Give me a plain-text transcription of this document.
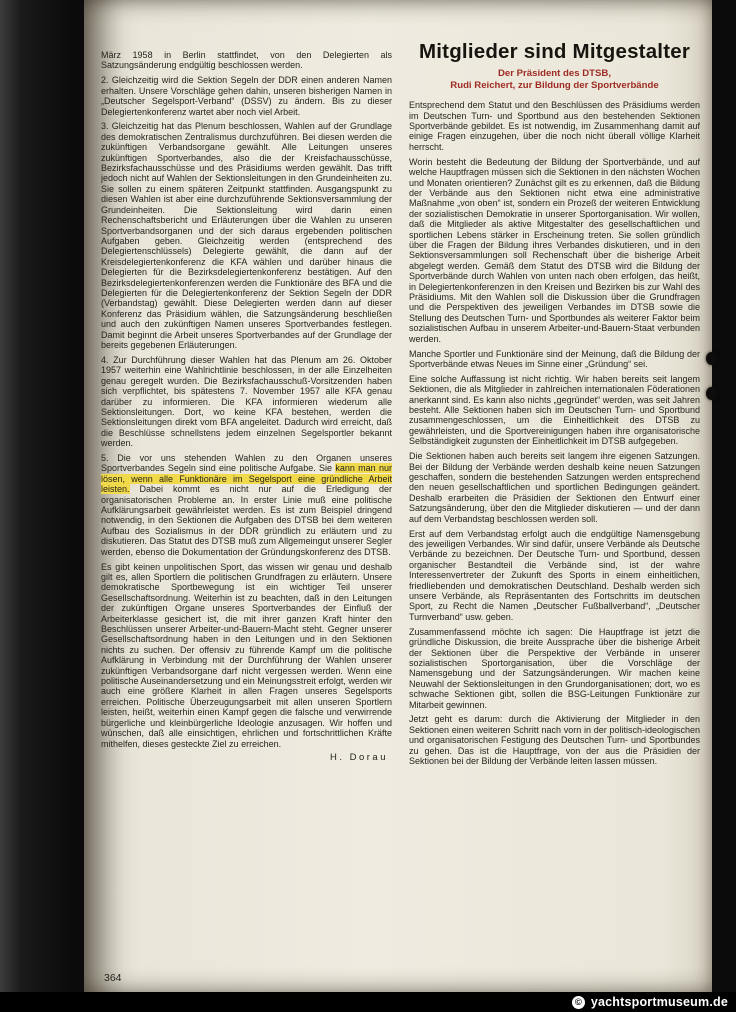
März 1958 in Berlin stattfindet, von den Delegierten als Satzungsänderung endgültig beschlossen werden.

2. Gleichzeitig wird die Sektion Segeln der DDR einen anderen Namen erhalten. Unsere Vorschläge gehen dahin, unseren bisherigen Namen in „Deutscher Segelsport-Verband“ (DSSV) zu ändern. Bis zu dieser Delegiertenkonferenz wartet aber noch viel Arbeit.

3. Gleichzeitig hat das Plenum beschlossen, Wahlen auf der Grundlage des demokratischen Zentralismus durchzuführen. Bei diesen werden die zukünftigen Verbandsorgane gewählt. Alle Leitungen unseres zukünftigen Sportverbandes, also die der Kreisfachausschüsse, Bezirksfachausschüsse und des Präsidiums werden gewählt. Das trifft jedoch nicht auf Wahlen der Sektionsleitungen in den Grundeinheiten zu. Sie sollen zu einem späteren Zeitpunkt stattfinden. Ausgangspunkt zu diesen Wahlen ist aber eine durchzuführende Sektionsversammlung der Grundeinheiten. Die Sektionsleitung wird darin einen Rechenschaftsbericht und Erläuterungen über die Wahlen zu unseren Sportverbandsorganen und der sich daraus ergebenden politischen Aufgaben geben. Gleichzeitig werden (entsprechend des Delegiertenschlüssels) Delegierte gewählt, die dann auf der Kreisdelegiertenkonferenz die KFA wählen und darüber hinaus die Delegierten für die Bezirksdelegiertenkonferenz bestätigen. Auf den Bezirksdelegiertenkonferenzen werden die Funktionäre des BFA und die Delegierten für die Delegiertenkonferenz der Sektion Segeln der DDR (Verbandstag) gewählt. Diese Delegierten werden dann auf dieser Konferenz das Präsidium wählen, die Satzungsänderung beschließen und auch den zukünftigen Namen unseres Sportverbandes festlegen. Damit beginnt die Arbeit unseres Sportverbandes auf der Grundlage der bereits gegebenen Erläuterungen.

4. Zur Durchführung dieser Wahlen hat das Plenum am 26. Oktober 1957 weiterhin eine Wahlrichtlinie beschlossen, in der alle Einzelheiten genau geregelt wurden. Die Bezirksfachausschuß-Vorsitzenden haben sich verpflichtet, bis spätestens 7. November 1957 alle KFA genau darüber zu informieren. Die KFA informieren wiederum alle Sektionsleitungen. Dort, wo keine KFA bestehen, werden die Sektionsleitungen direkt vom BFA angeleitet. Dadurch wird erreicht, daß die Beschlüsse schnellstens jedem einzelnen Segelsportler bekannt werden.

5. Die vor uns stehenden Wahlen zu den Organen unseres Sportverbandes Segeln sind eine politische Aufgabe. Sie kann man nur lösen, wenn alle Funktionäre im Segelsport eine gründliche Arbeit leisten. Dabei kommt es nicht nur auf die Erledigung der organisatorischen Probleme an. In erster Linie muß eine politische Aufklärungsarbeit gewährleistet werden. Es ist zum Beispiel dringend notwendig, in den Sektionen die Aufgaben des DTSB bei dem weiteren Aufbau des Sozialismus in der DDR gründlich zu erläutern und zu diskutieren. Das Statut des DTSB muß zum Allgemeingut unserer Segler werden, ebenso die Dokumentation der Gründungskonferenz des DTSB.

Es gibt keinen unpolitischen Sport, das wissen wir genau und deshalb gilt es, allen Sportlern die politischen Grundfragen zu erläutern. Unsere demokratische Sportbewegung ist ein wichtiger Teil unserer Gesellschaftsordnung. Weiterhin ist zu beachten, daß in den Leitungen der zukünftigen Organe unseres Sportverbandes der Einfluß der Arbeiterklasse gesichert ist, die mit ihrer ganzen Kraft hinter den Beschlüssen unserer Arbeiter-und-Bauern-Macht steht. Gegner unserer Gesellschaftsordnung haben in den Leitungen und in den Sektionen nichts zu suchen. Der offensiv zu führende Kampf um die politische Aufklärung in Verbindung mit der Durchführung der Wahlen unserer zukünftigen Verbandsorgane darf nicht vergessen werden. Wenn eine politische Auseinandersetzung und ein Meinungsstreit erfolgt, werden wir auch eine größere Klarheit in allen Fragen unseres Segelsports erreichen. Politische Überzeugungsarbeit mit allen unseren Sportlern leisten, heißt, weiterhin einen Kampf gegen die falsche und verwirrende bürgerliche und kleinbürgerliche Ideologie anzusagen. Wir hoffen und wünschen, daß alle einsichtigen, ehrlichen und fortschrittlichen Kräfte mithelfen, dieses gesteckte Ziel zu erreichen.

H. Dorau
Mitglieder sind Mitgestalter
Der Präsident des DTSB,
Rudi Reichert, zur Bildung der Sportverbände

Entsprechend dem Statut und den Beschlüssen des Präsidiums werden im Deutschen Turn- und Sportbund aus den bestehenden Sektionen Sportverbände gebildet. Es ist notwendig, im Zusammenhang damit auf einige Fragen einzugehen, über die noch nicht überall völlige Klarheit herrscht.

Worin besteht die Bedeutung der Bildung der Sportverbände, und auf welche Hauptfragen müssen sich die Sektionen in den nächsten Wochen und Monaten orientieren? Zunächst gilt es zu erkennen, daß die Bildung der Verbände aus den Sektionen nicht etwa eine administrative Maßnahme „von oben“ ist, sondern ein Prozeß der weiteren Entwicklung der sozialistischen Demokratie in unserer Sportorganisation. Wir wollen, daß die Mitglieder als aktive Mitgestalter des gesellschaftlichen und sportlichen Lebens stärker in Erscheinung treten. Sie sollen gründlich über die Fragen der Bildung ihres Verbandes diskutieren, und in den Sektionsversammlungen soll Rechenschaft über die bisherige Arbeit abgelegt werden. Gemäß dem Statut des DTSB wird die Bildung der Sportverbände durch Wahlen von unten nach oben erfolgen, das heißt, in Delegiertenkonferenzen in den Kreisen und Bezirken bis zur Wahl des Präsidiums. Mit den Wahlen soll die Diskussion über die Grundfragen und die Perspektiven des jeweiligen Verbandes im DTSB sowie die Stellung des Deutschen Turn- und Sportbundes als weiterer Faktor beim sozialistischen Aufbau in unserem Arbeiter-und-Bauern-Staat verbunden werden.

Manche Sportler und Funktionäre sind der Meinung, daß die Bildung der Sportverbände etwas Neues im Sinne einer „Gründung“ sei.

Eine solche Auffassung ist nicht richtig. Wir haben bereits seit langem Sektionen, die als Mitglieder in zahlreichen internationalen Föderationen anerkannt sind. Es kann also nichts „gegründet“ werden, was seit Jahren besteht. Alle Sektionen haben sich im Deutschen Turn- und Sportbund zusammengeschlossen, um die Einheitlichkeit des DTSB zu gewährleisten, und die Sportvereinigungen haben ihre organisatorische Selbständigkeit zugunsten der Einheitlichkeit im DTSB aufgegeben.

Die Sektionen haben auch bereits seit langem ihre eigenen Satzungen. Bei der Bildung der Verbände werden deshalb keine neuen Satzungen geschaffen, sondern die bestehenden Satzungen werden entsprechend den neuen gesellschaftlichen und sportlichen Bedingungen geändert. Deshalb erarbeiten die Präsidien der Sektionen den Entwurf einer Satzungsänderung, über den die Mitglieder diskutieren — und der dann auf dem Verbandstag beschlossen werden soll.

Erst auf dem Verbandstag erfolgt auch die endgültige Namensgebung des jeweiligen Verbandes. Wir sind dafür, unsere Verbände als Deutsche Verbände zu bezeichnen. Der Deutsche Turn- und Sportbund, dessen organischer Bestandteil die Verbände sind, ist der wahre Interessenvertreter der Zukunft des Sports in einem einheitlichen, friedliebenden und demokratischen Deutschland. Deshalb werden sich unsere Verbände, als Repräsentanten des Fortschritts im deutschen Sport, zu Recht die Namen „Deutscher Fußballverband“, „Deutscher Turnverband“ usw. geben.

Zusammenfassend möchte ich sagen: Die Hauptfrage ist jetzt die gründliche Diskussion, die breite Aussprache über die bisherige Arbeit der Sektionen über die Perspektive der Verbände in unserer sozialistischen Sportorganisation, über die Vorschläge der Namensgebung und der Satzungsänderungen. Wir machen keine Neuwahl der Sektionsleitungen in den Grundorganisationen; dort, wo es schwache Sektionen gibt, sollen die BSG-Leitungen Funktionäre zur Mitarbeit gewinnen.

Jetzt geht es darum: durch die Aktivierung der Mitglieder in den Sektionen einen weiteren Schritt nach vorn in der politisch-ideologischen und organisatorischen Festigung des Deutschen Turn- und Sportbundes zu gehen. Das ist die Hauptfrage, von der aus die Präsidien der Sektionen bei der Bildung der Verbände leiten lassen müssen.

364
© yachtsportmuseum.de
